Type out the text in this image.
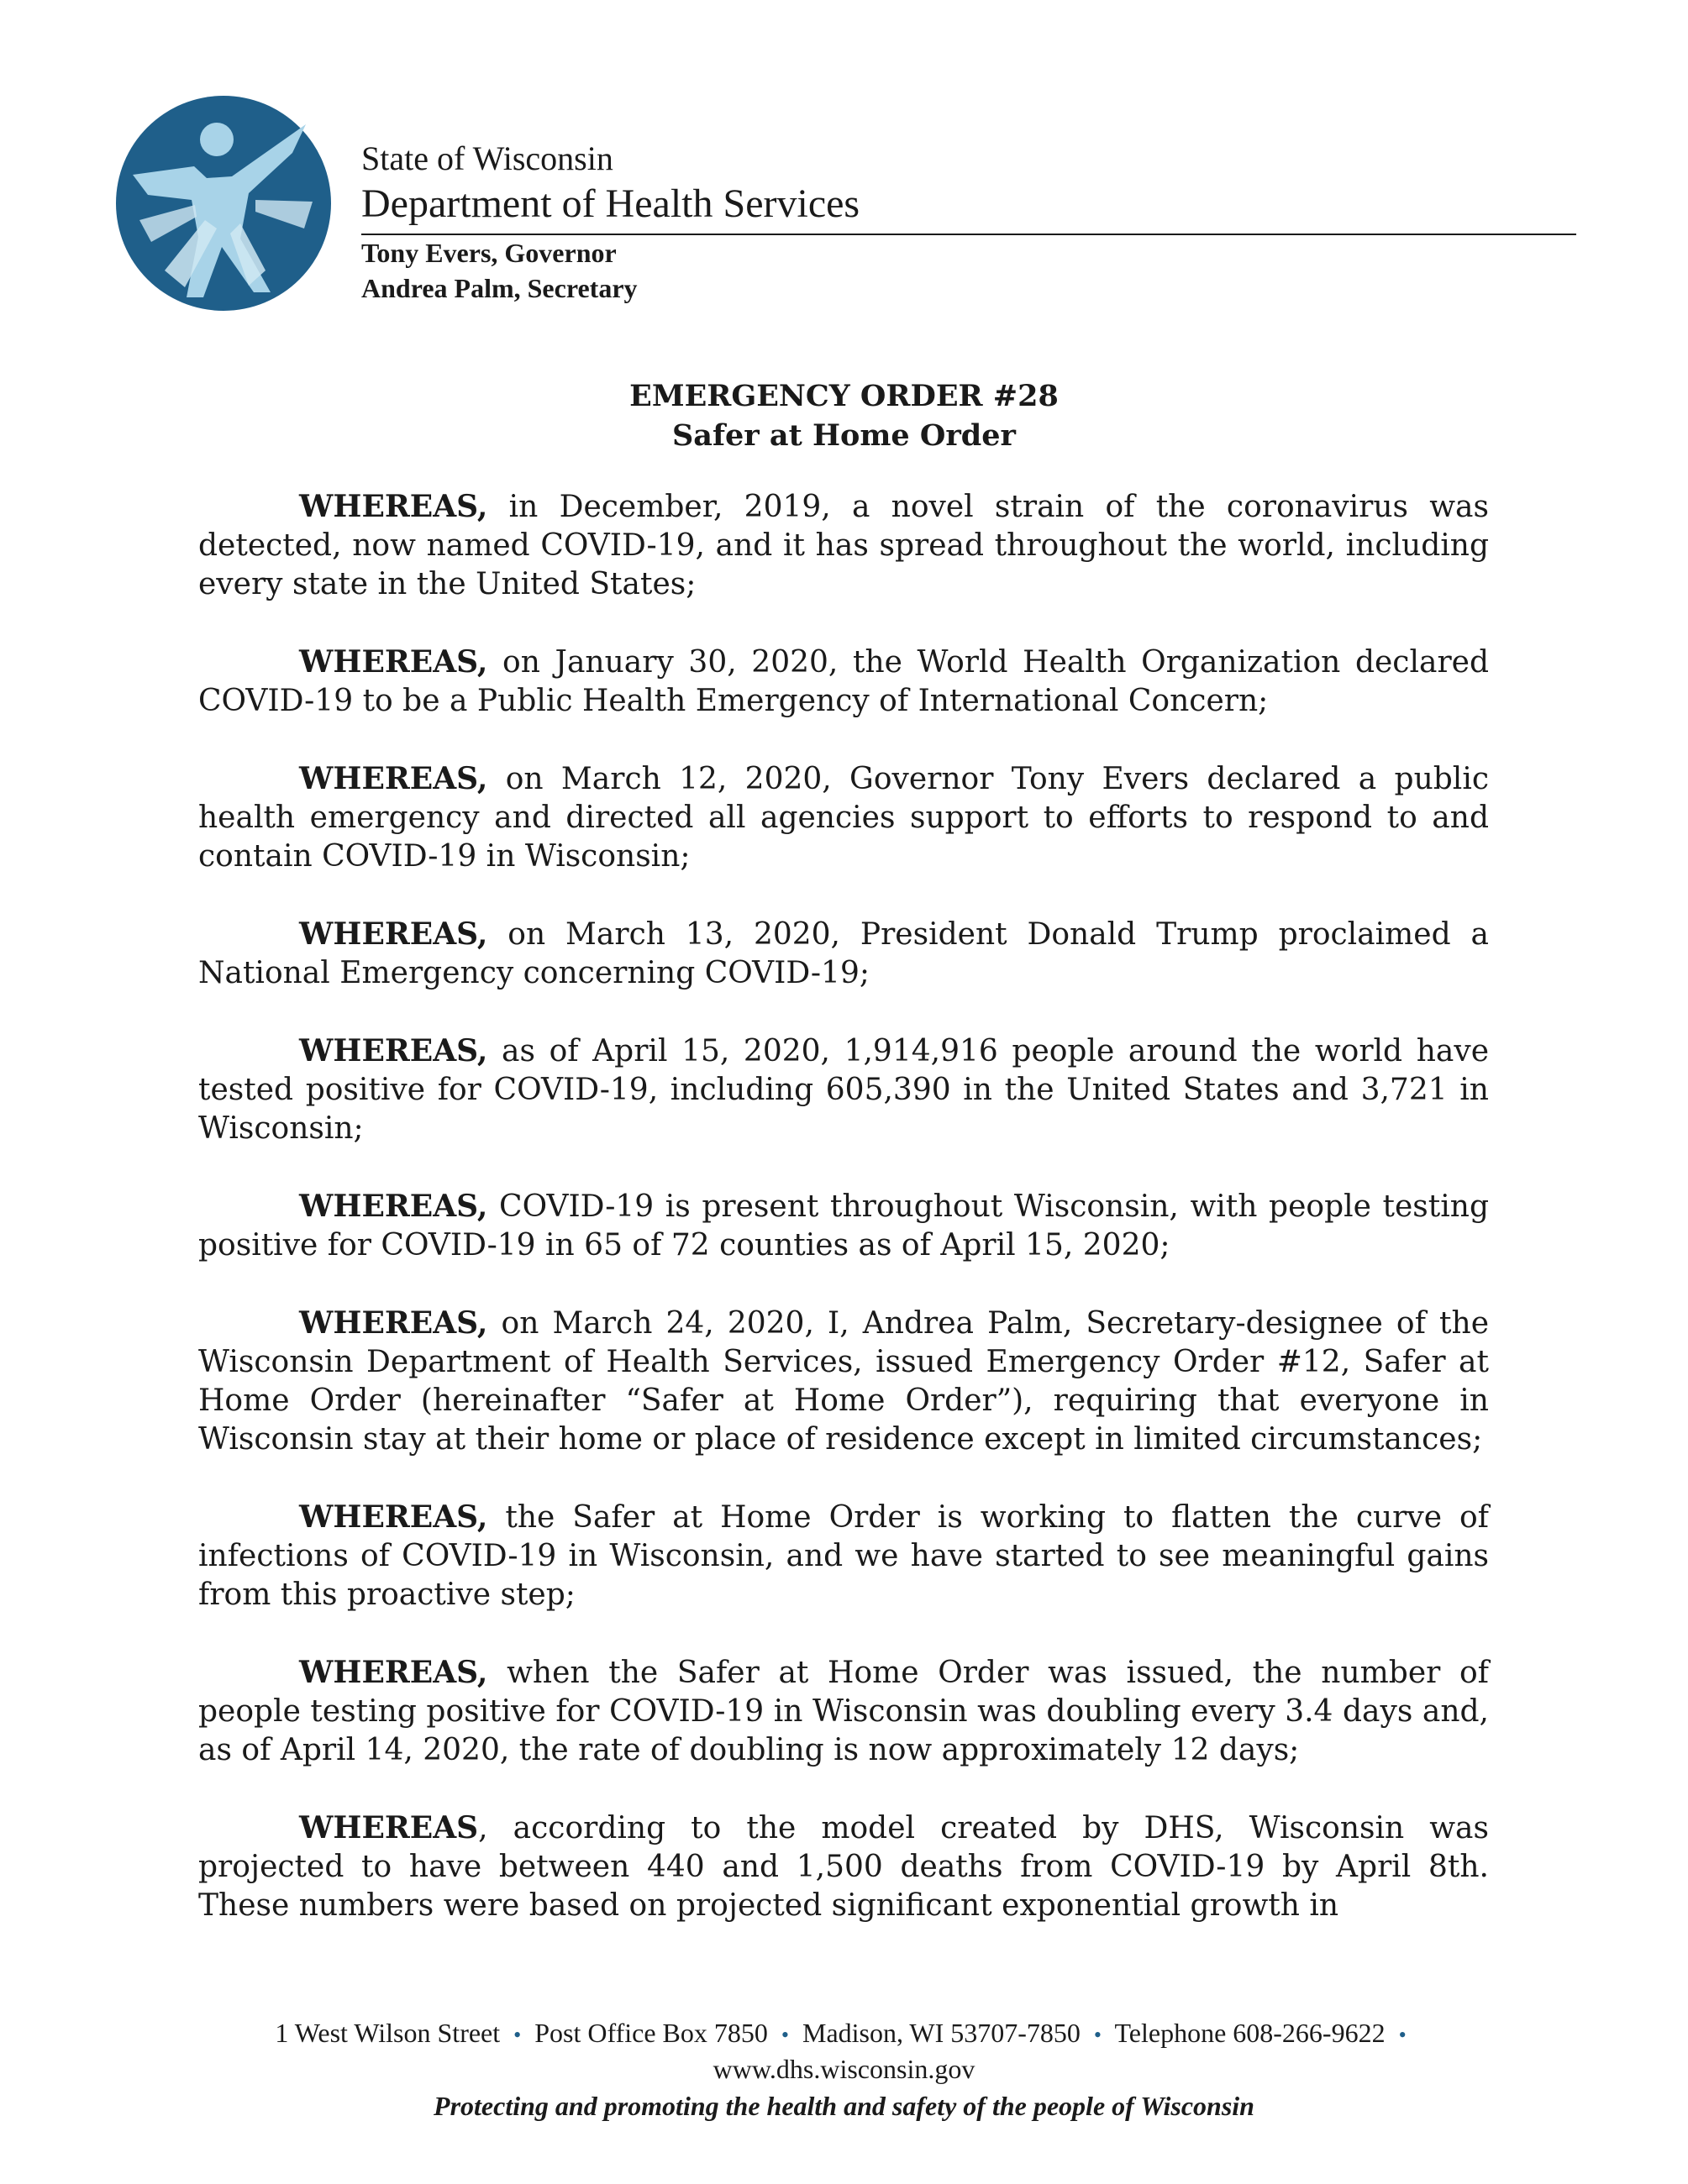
State of Wisconsin
Department of Health Services
Tony Evers, Governor
Andrea Palm, Secretary
EMERGENCY ORDER #28
Safer at Home Order

WHEREAS, in December, 2019, a novel strain of the coronavirus was detected, now named COVID-19, and it has spread throughout the world, including every state in the United States;

WHEREAS, on January 30, 2020, the World Health Organization declared COVID-19 to be a Public Health Emergency of International Concern;

WHEREAS, on March 12, 2020, Governor Tony Evers declared a public health emergency and directed all agencies support to efforts to respond to and contain COVID-19 in Wisconsin;

WHEREAS, on March 13, 2020, President Donald Trump proclaimed a National Emergency concerning COVID-19;

WHEREAS, as of April 15, 2020, 1,914,916 people around the world have tested positive for COVID-19, including 605,390 in the United States and 3,721 in Wisconsin;

WHEREAS, COVID-19 is present throughout Wisconsin, with people testing positive for COVID-19 in 65 of 72 counties as of April 15, 2020;

WHEREAS, on March 24, 2020, I, Andrea Palm, Secretary-designee of the Wisconsin Department of Health Services, issued Emergency Order #12, Safer at Home Order (hereinafter “Safer at Home Order”), requiring that everyone in Wisconsin stay at their home or place of residence except in limited circumstances;

WHEREAS, the Safer at Home Order is working to flatten the curve of infections of COVID-19 in Wisconsin, and we have started to see meaningful gains from this proactive step;

WHEREAS, when the Safer at Home Order was issued, the number of people testing positive for COVID-19 in Wisconsin was doubling every 3.4 days and, as of April 14, 2020, the rate of doubling is now approximately 12 days;

WHEREAS, according to the model created by DHS, Wisconsin was projected to have between 440 and 1,500 deaths from COVID-19 by April 8th. These numbers were based on projected significant exponential growth in

1 West Wilson Street • Post Office Box 7850 • Madison, WI 53707-7850 • Telephone 608-266-9622 •
www.dhs.wisconsin.gov
Protecting and promoting the health and safety of the people of Wisconsin
